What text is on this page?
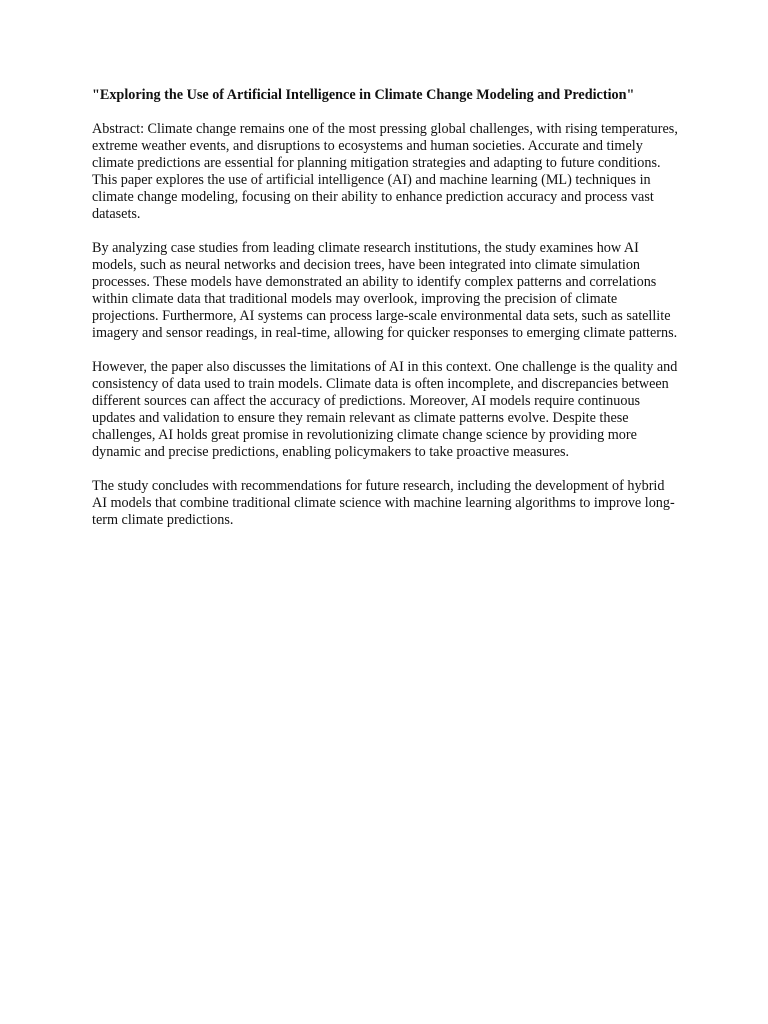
"Exploring the Use of Artificial Intelligence in Climate Change Modeling and Prediction"

Abstract: Climate change remains one of the most pressing global challenges, with rising temperatures, extreme weather events, and disruptions to ecosystems and human societies. Accurate and timely climate predictions are essential for planning mitigation strategies and adapting to future conditions. This paper explores the use of artificial intelligence (AI) and machine learning (ML) techniques in climate change modeling, focusing on their ability to enhance prediction accuracy and process vast datasets.

By analyzing case studies from leading climate research institutions, the study examines how AI models, such as neural networks and decision trees, have been integrated into climate simulation processes. These models have demonstrated an ability to identify complex patterns and correlations within climate data that traditional models may overlook, improving the precision of climate projections. Furthermore, AI systems can process large-scale environmental data sets, such as satellite imagery and sensor readings, in real-time, allowing for quicker responses to emerging climate patterns.

However, the paper also discusses the limitations of AI in this context. One challenge is the quality and consistency of data used to train models. Climate data is often incomplete, and discrepancies between different sources can affect the accuracy of predictions. Moreover, AI models require continuous updates and validation to ensure they remain relevant as climate patterns evolve. Despite these challenges, AI holds great promise in revolutionizing climate change science by providing more dynamic and precise predictions, enabling policymakers to take proactive measures.

The study concludes with recommendations for future research, including the development of hybrid AI models that combine traditional climate science with machine learning algorithms to improve long-term climate predictions.
